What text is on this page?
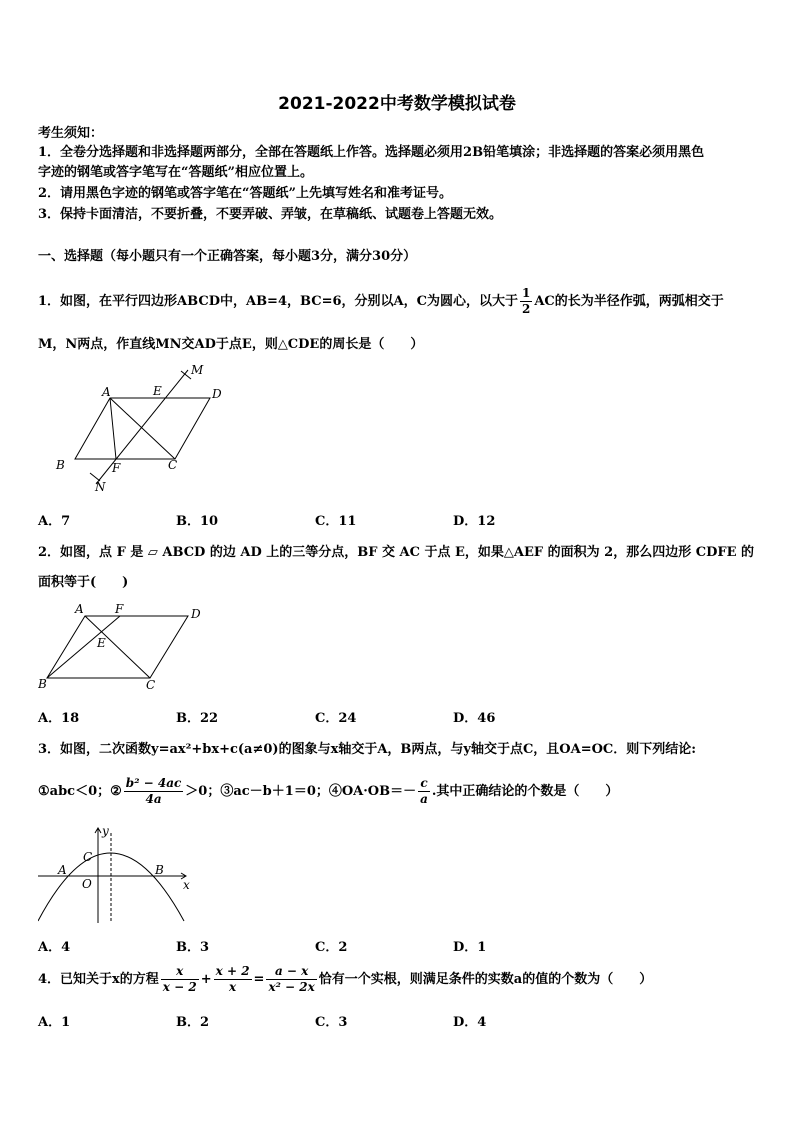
2021-2022中考数学模拟试卷
考生须知：
1．全卷分选择题和非选择题两部分，全部在答题纸上作答。选择题必须用2B铅笔填涂；非选择题的答案必须用黑色
字迹的钢笔或答字笔写在“答题纸”相应位置上。
2．请用黑色字迹的钢笔或答字笔在“答题纸”上先填写姓名和准考证号。
3．保持卡面清洁，不要折叠，不要弄破、弄皱，在草稿纸、试题卷上答题无效。
一、选择题（每小题只有一个正确答案，每小题3分，满分30分）
1．如图，在平行四边形ABCD中，AB=4，BC=6，分别以A，C为圆心，以大于 $\frac{1}{2}$ AC的长为半径作弧，两弧相交于
M，N两点，作直线MN交AD于点E，则△CDE的周长是（　　）
A	E	D
M
B	F	C
N
A．7	B．10	C．11	D．12
2．如图，点 F 是 ▱ ABCD 的边 AD 上的三等分点，BF 交 AC 于点 E，如果△AEF 的面积为 2，那么四边形 CDFE 的
面积等于(　　)
A	F	D
E
B	C
A．18	B．22	C．24	D．46
3．如图，二次函数y=ax²+bx+c(a≠0)的图象与x轴交于A，B两点，与y轴交于点C，且OA=OC．则下列结论:
①abc＜0；② $\frac{\text{b² − 4ac}}{4a} >0$；③ac－b＋1＝0；④OA·OB＝－ $\frac{c}{a}$ .其中正确结论的个数是（　　）
y
x
C
A
O
B
A．4	B．3	C．2	D．1
4．已知关于x的方程 $\frac{x}{x - 2} + \frac{x + 2}{x} = \frac{a - x}{\text{x² − 2x}}$ 恰有一个实根，则满足条件的实数a的值的个数为（　　）
A．1	B．2	C．3	D．4
